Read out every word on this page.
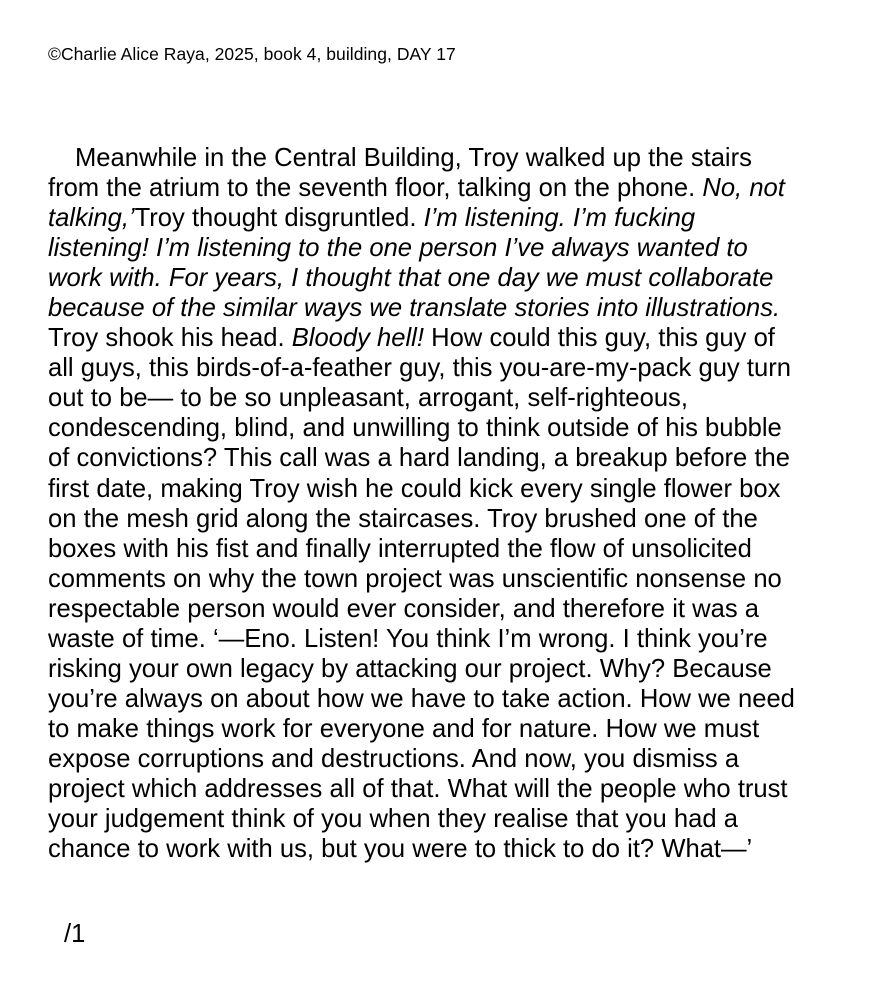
©Charlie Alice Raya, 2025, book 4, building, DAY 17

Meanwhile in the Central Building, Troy walked up the stairs from the atrium to the seventh floor, talking on the phone. No, not talking,’Troy thought disgruntled. I’m listening. I’m fucking listening! I’m listening to the one person I’ve always wanted to work with. For years, I thought that one day we must collaborate because of the similar ways we translate stories into illustrations. Troy shook his head. Bloody hell! How could this guy, this guy of all guys, this birds-of-a-feather guy, this you-are-my-pack guy turn out to be— to be so unpleasant, arrogant, self-righteous, condescending, blind, and unwilling to think outside of his bubble of convictions? This call was a hard landing, a breakup before the first date, making Troy wish he could kick every single flower box on the mesh grid along the staircases. Troy brushed one of the boxes with his fist and finally interrupted the flow of unsolicited comments on why the town project was unscientific nonsense no respectable person would ever consider, and therefore it was a waste of time. ‘—Eno. Listen! You think I’m wrong. I think you’re risking your own legacy by attacking our project. Why? Because you’re always on about how we have to take action. How we need to make things work for everyone and for nature. How we must expose corruptions and destructions. And now, you dismiss a project which addresses all of that. What will the people who trust your judgement think of you when they realise that you had a chance to work with us, but you were to thick to do it? What—’

/1
